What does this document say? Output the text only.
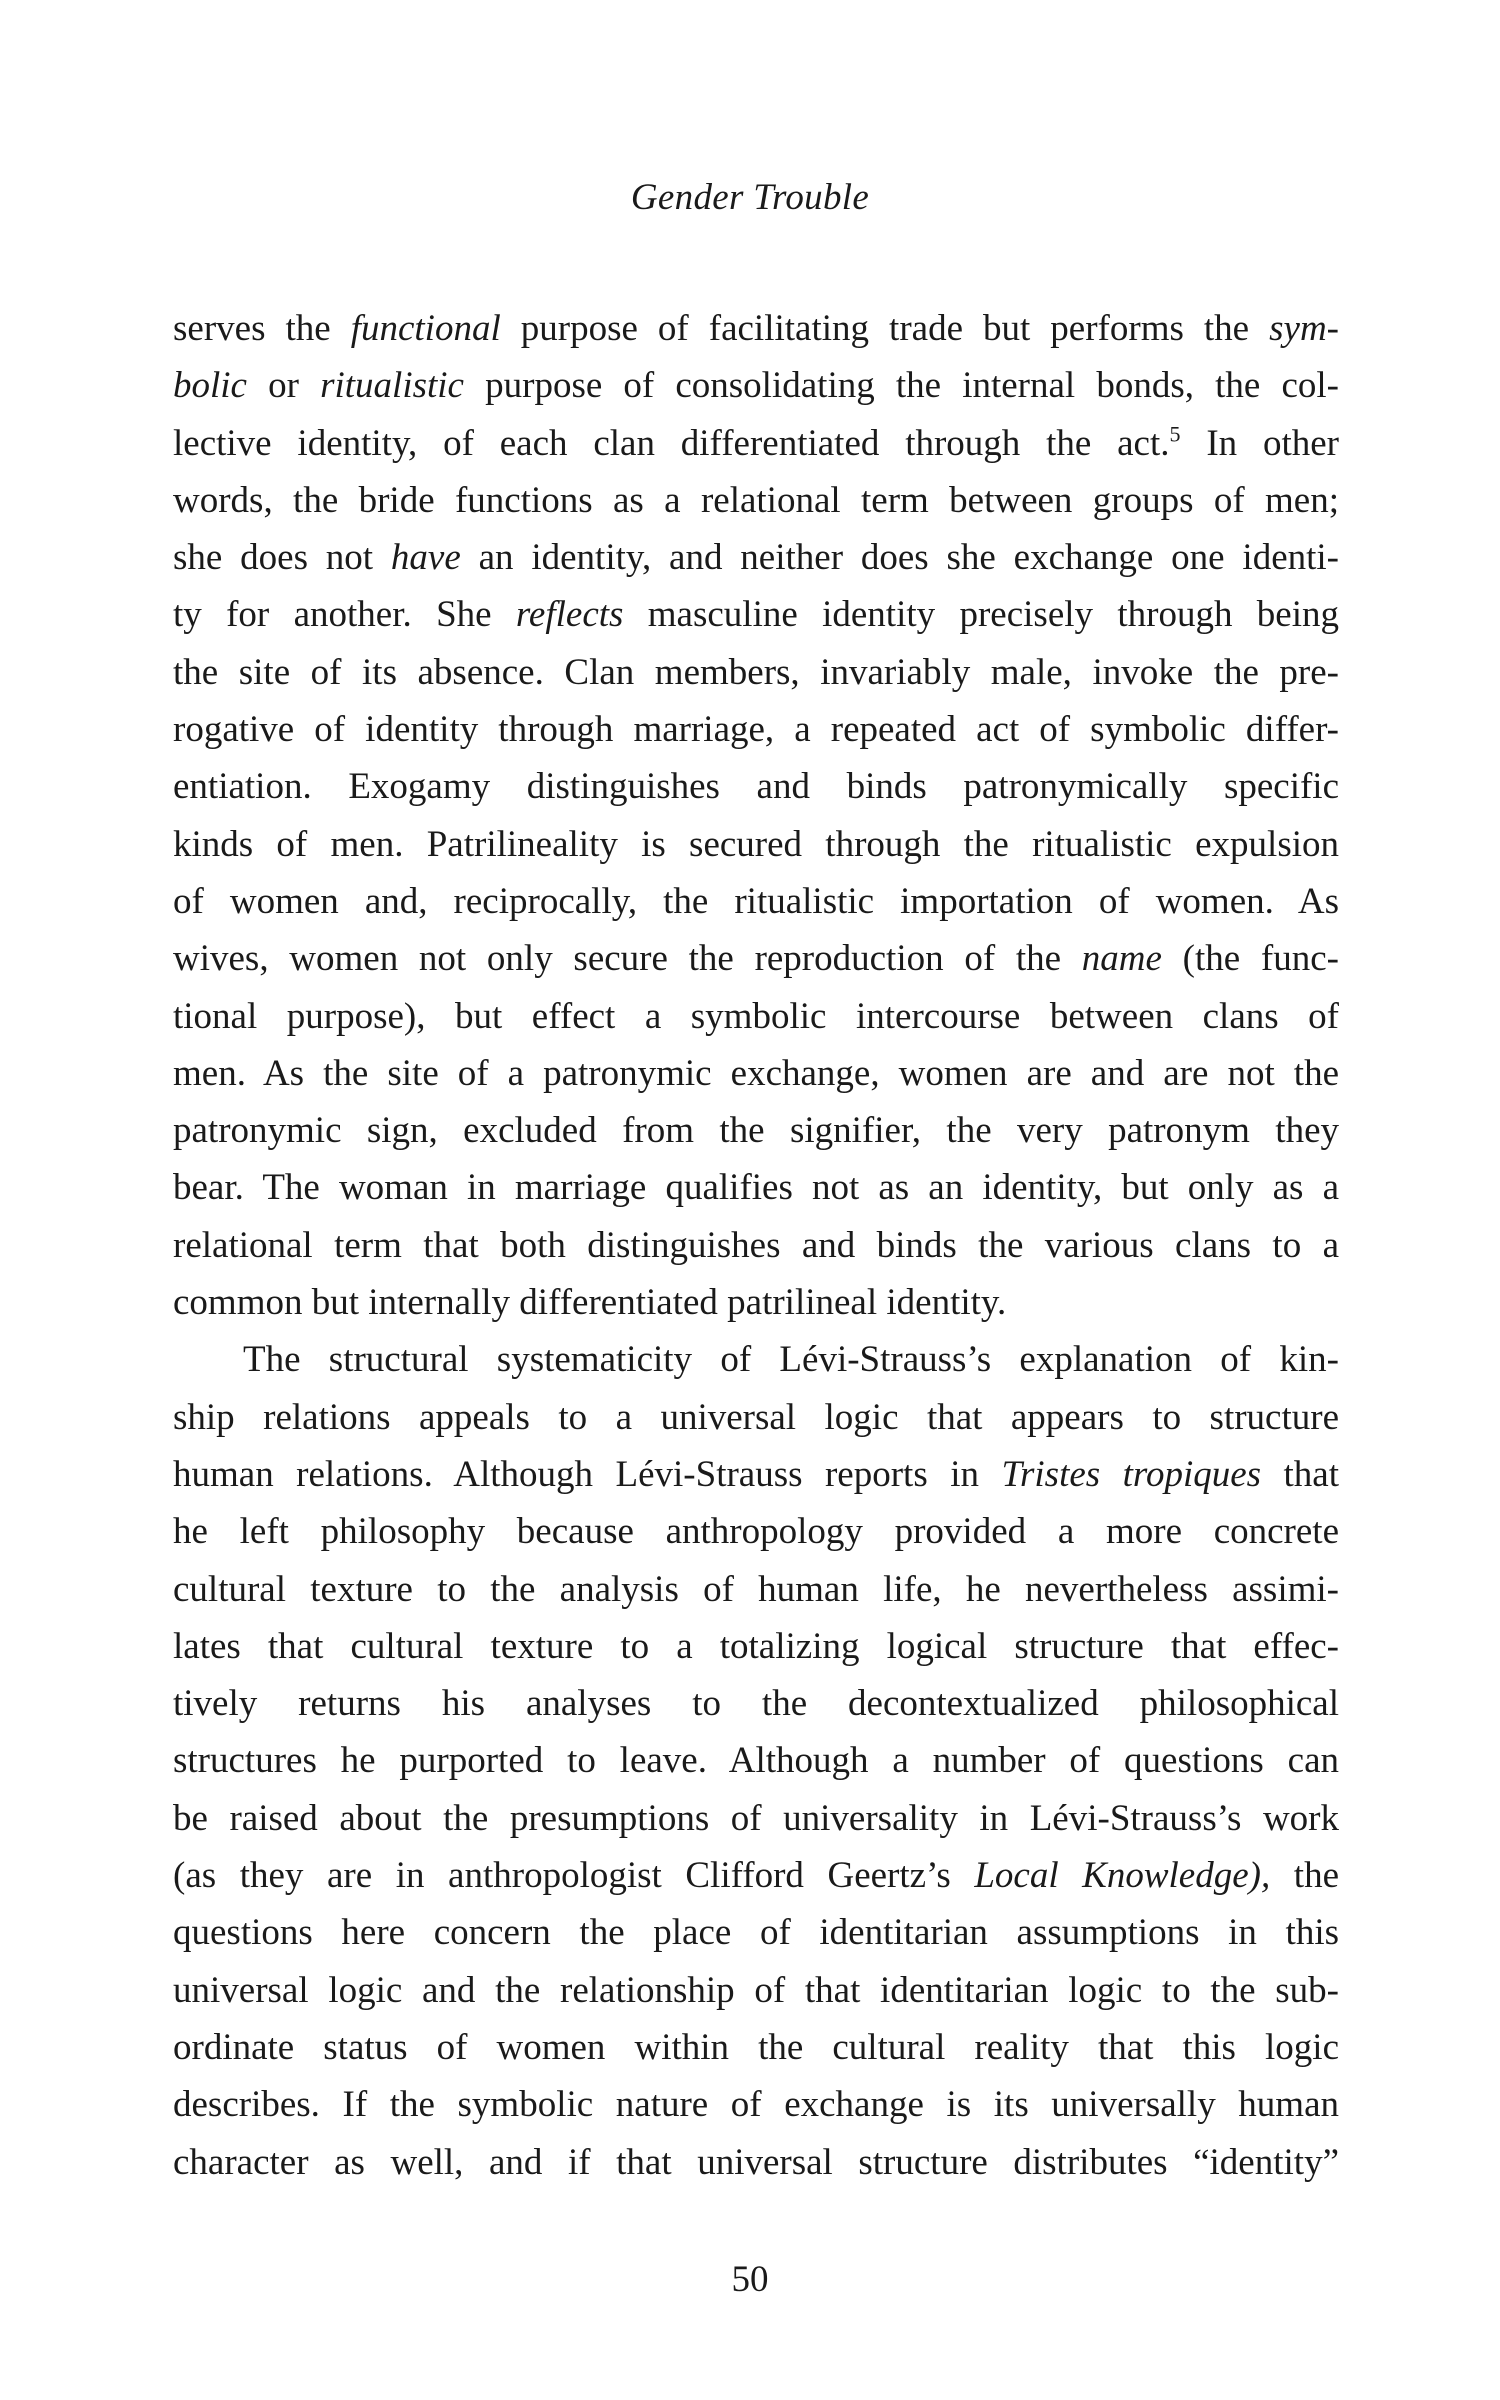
Gender Trouble
serves the functional purpose of facilitating trade but performs the sym-
bolic or ritualistic purpose of consolidating the internal bonds, the col-
lective identity, of each clan differentiated through the act.$^5$ In other
words, the bride functions as a relational term between groups of men;
she does not have an identity, and neither does she exchange one identi-
ty for another. She reflects masculine identity precisely through being
the site of its absence. Clan members, invariably male, invoke the pre-
rogative of identity through marriage, a repeated act of symbolic differ-
entiation. Exogamy distinguishes and binds patronymically specific
kinds of men. Patrilineality is secured through the ritualistic expulsion
of women and, reciprocally, the ritualistic importation of women. As
wives, women not only secure the reproduction of the name (the func-
tional purpose), but effect a symbolic intercourse between clans of
men. As the site of a patronymic exchange, women are and are not the
patronymic sign, excluded from the signifier, the very patronym they
bear. The woman in marriage qualifies not as an identity, but only as a
relational term that both distinguishes and binds the various clans to a
common but internally differentiated patrilineal identity.
The structural systematicity of Lévi-Strauss’s explanation of kin-
ship relations appeals to a universal logic that appears to structure
human relations. Although Lévi-Strauss reports in Tristes tropiques that
he left philosophy because anthropology provided a more concrete
cultural texture to the analysis of human life, he nevertheless assimi-
lates that cultural texture to a totalizing logical structure that effec-
tively returns his analyses to the decontextualized philosophical
structures he purported to leave. Although a number of questions can
be raised about the presumptions of universality in Lévi-Strauss’s work
(as they are in anthropologist Clifford Geertz’s Local Knowledge), the
questions here concern the place of identitarian assumptions in this
universal logic and the relationship of that identitarian logic to the sub-
ordinate status of women within the cultural reality that this logic
describes. If the symbolic nature of exchange is its universally human
character as well, and if that universal structure distributes “identity”
50
